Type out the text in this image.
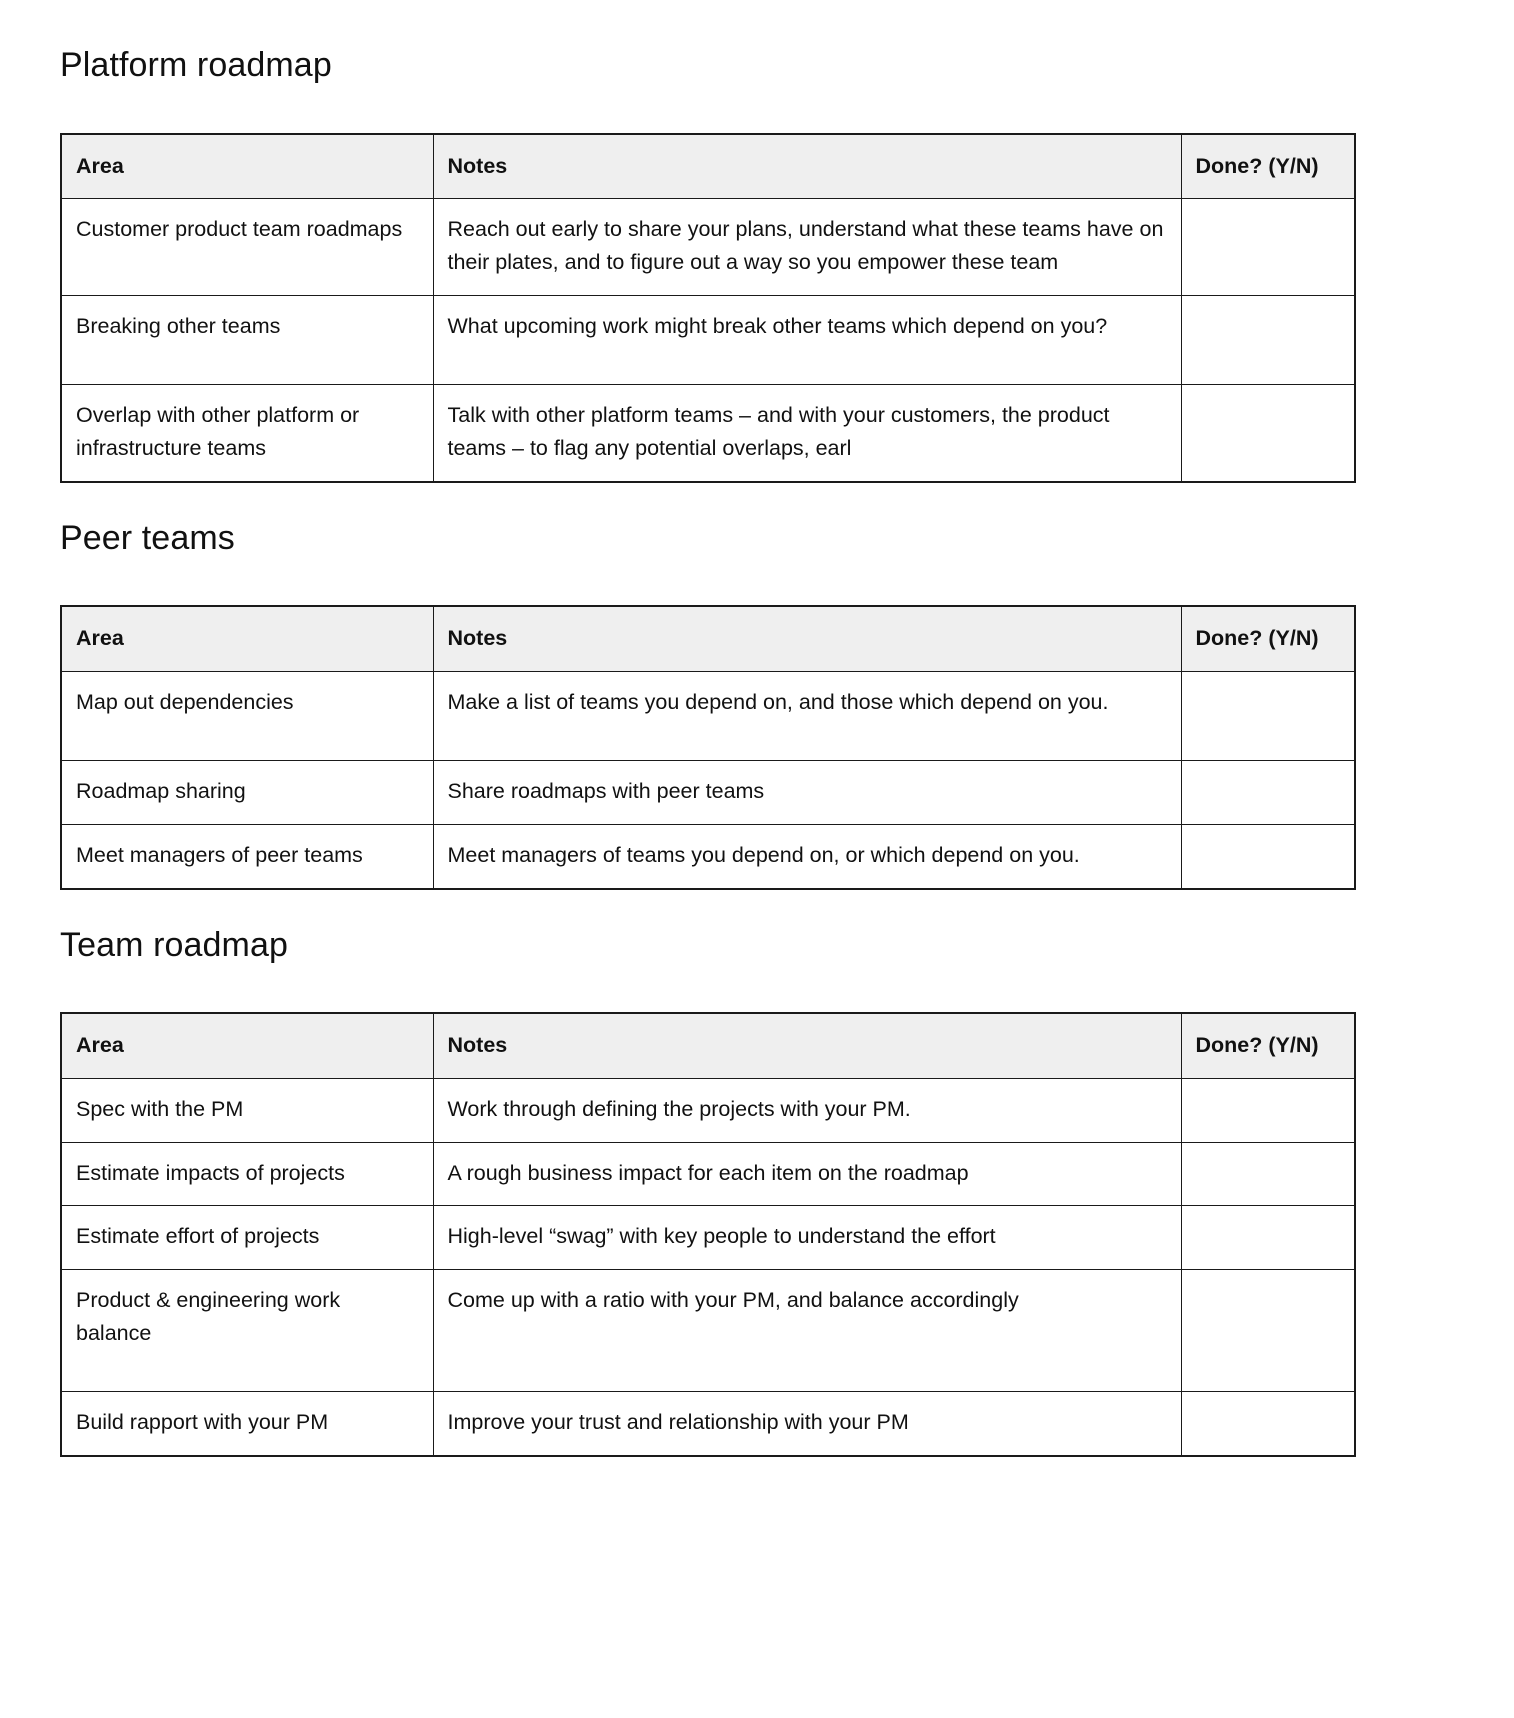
Platform roadmap
Area	Notes	Done? (Y/N)
Customer product team roadmaps	Reach out early to share your plans, understand what these teams have on their plates, and to figure out a way so you empower these team	
Breaking other teams	What upcoming work might break other teams which depend on you?	
Overlap with other platform or infrastructure teams	Talk with other platform teams – and with your customers, the product teams – to flag any potential overlaps, earl	
Peer teams
Area	Notes	Done? (Y/N)
Map out dependencies	Make a list of teams you depend on, and those which depend on you.	
Roadmap sharing	Share roadmaps with peer teams	
Meet managers of peer teams	Meet managers of teams you depend on, or which depend on you.	
Team roadmap
Area	Notes	Done? (Y/N)
Spec with the PM	Work through defining the projects with your PM.	
Estimate impacts of projects	A rough business impact for each item on the roadmap	
Estimate effort of projects	High-level “swag” with key people to understand the effort	
Product & engineering work balance	Come up with a ratio with your PM, and balance accordingly	
Build rapport with your PM	Improve your trust and relationship with your PM	
